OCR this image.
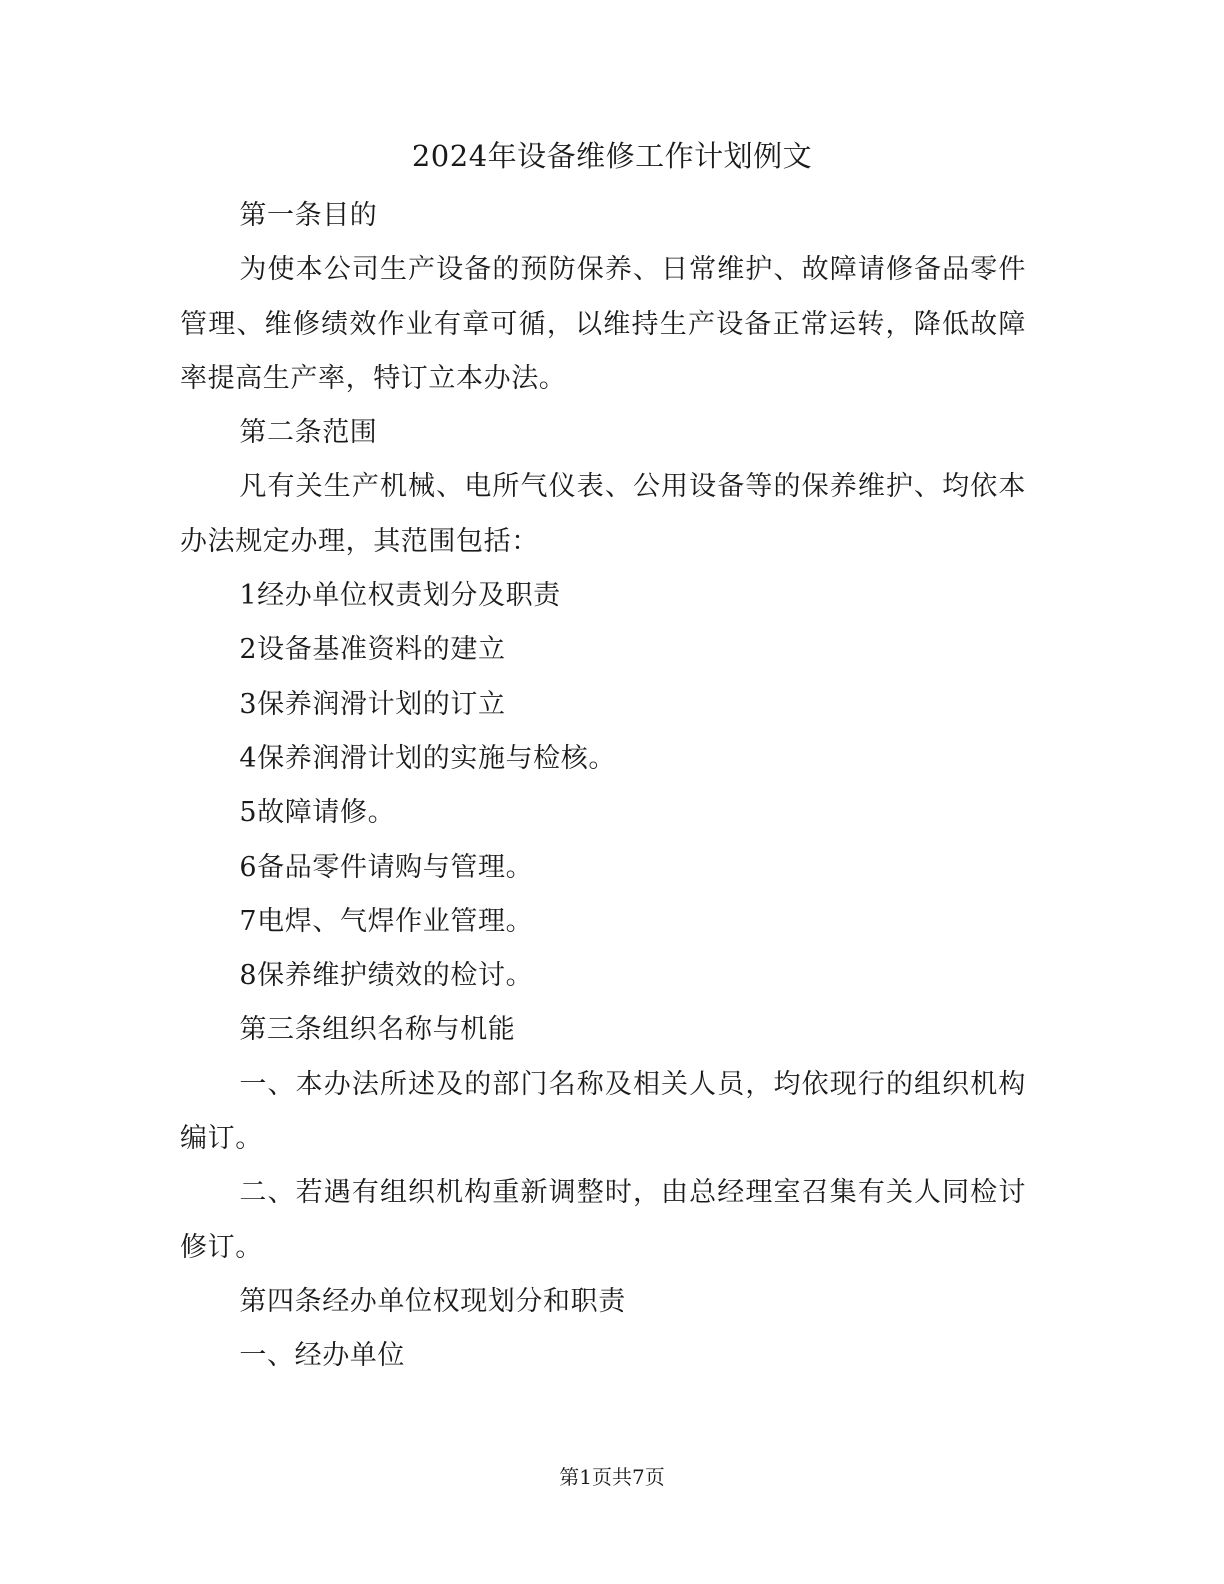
2024年设备维修工作计划例文

第一条目的

为使本公司生产设备的预防保养、日常维护、故障请修备品零件管理、维修绩效作业有章可循，以维持生产设备正常运转，降低故障率提高生产率，特订立本办法。

第二条范围

凡有关生产机械、电所气仪表、公用设备等的保养维护、均依本办法规定办理，其范围包括：

1经办单位权责划分及职责

2设备基准资料的建立

3保养润滑计划的订立

4保养润滑计划的实施与检核。

5故障请修。

6备品零件请购与管理。

7电焊、气焊作业管理。

8保养维护绩效的检讨。

第三条组织名称与机能

一、本办法所述及的部门名称及相关人员，均依现行的组织机构编订。

二、若遇有组织机构重新调整时，由总经理室召集有关人同检讨修订。

第四条经办单位权现划分和职责

一、经办单位

第1页共7页
